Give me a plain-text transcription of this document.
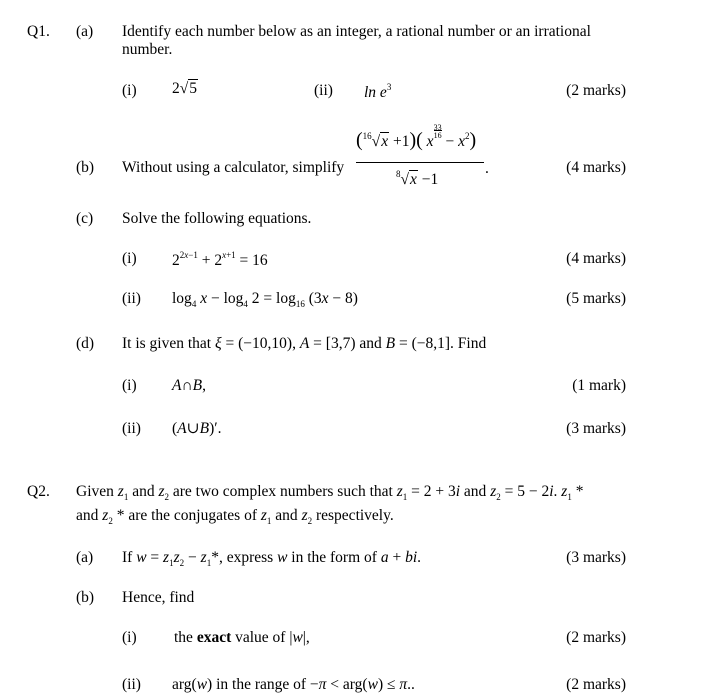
Q1. (a) Identify each number below as an integer, a rational number or an irrational
number.
(i) 2√5	(ii) $\ln e^3$	(2 marks)
(b) Without using a calculator, simplify
($^{16}$√x +1)( $x\frac{33}{16} - x^2$)
$^8$√x −1
.	(4 marks)
(c) Solve the following equations.
(i) $2^{2x-1} + 2^{x+1} = 16$	(4 marks)
(ii) $\log_4 x - \log_4 2 = \log_{16} (3x - 8)$	(5 marks)
(d) It is given that ξ = (−10,10), A = [3,7) and B = (−8,1]. Find
(i) A∩B,	(1 mark)
(ii) (A∪B)′.	(3 marks)
Q2. Given $z_1$ and $z_2$ are two complex numbers such that $z_1 = 2 + 3i$ and $z_2 = 5 - 2i$. $z_1$ *
and $z_2$ * are the conjugates of $z_1$ and $z_2$ respectively.
(a) If $w = z_1z_2 - z_1*$, express w in the form of a + bi.	(3 marks)
(b) Hence, find
(i) the exact value of |w|,	(2 marks)
(ii) arg(w) in the range of −π < arg(w) ≤ π..	(2 marks)
